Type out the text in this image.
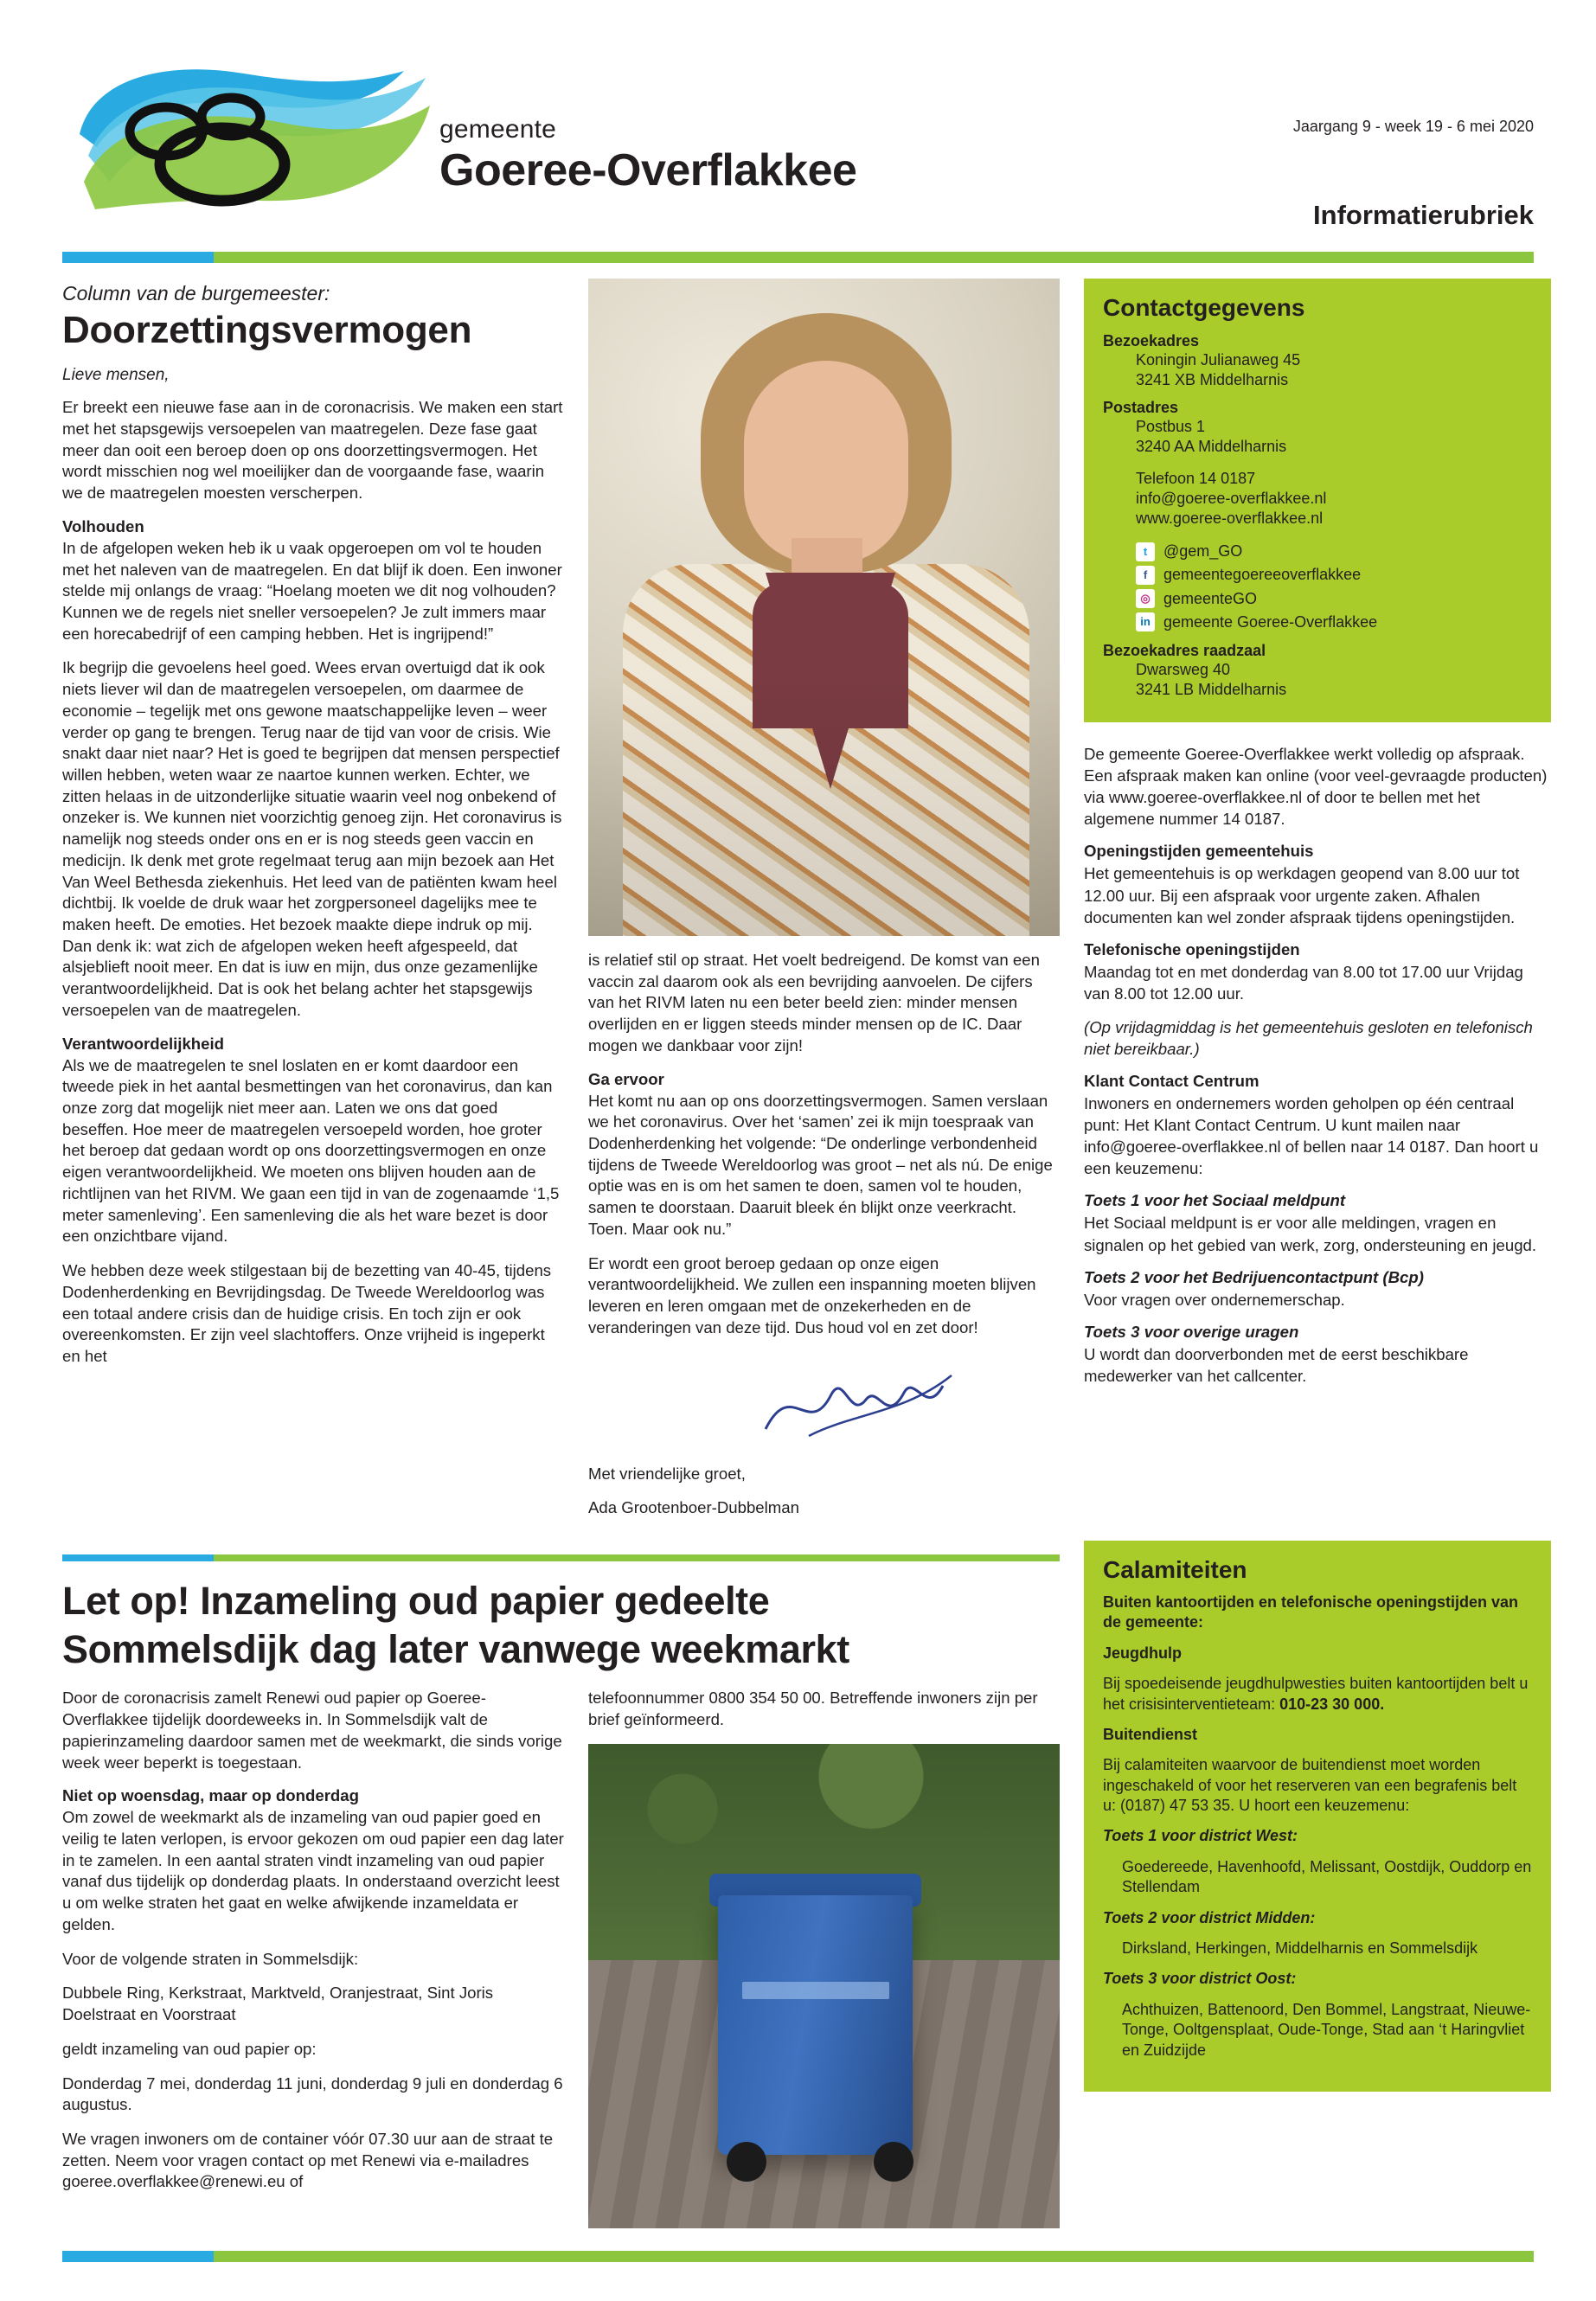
gemeente
Goeree-Overflakkee
Jaargang 9 - week 19 - 6 mei 2020
Informatierubriek
Column van de burgemeester:
Doorzettingsvermogen

Lieve mensen,

Er breekt een nieuwe fase aan in de coronacrisis. We maken een start met het stapsgewijs versoepelen van maatregelen. Deze fase gaat meer dan ooit een beroep doen op ons doorzettingsvermogen. Het wordt misschien nog wel moeilijker dan de voorgaande fase, waarin we de maatregelen moesten verscherpen.

Volhouden

In de afgelopen weken heb ik u vaak opgeroepen om vol te houden met het naleven van de maatregelen. En dat blijf ik doen. Een inwoner stelde mij onlangs de vraag: “Hoelang moeten we dit nog volhouden? Kunnen we de regels niet sneller versoepelen? Je zult immers maar een horecabedrijf of een camping hebben. Het is ingrijpend!”

Ik begrijp die gevoelens heel goed. Wees ervan overtuigd dat ik ook niets liever wil dan de maatregelen versoepelen, om daarmee de economie – tegelijk met ons gewone maatschappelijke leven – weer verder op gang te brengen. Terug naar de tijd van voor de crisis. Wie snakt daar niet naar? Het is goed te begrijpen dat mensen perspectief willen hebben, weten waar ze naartoe kunnen werken. Echter, we zitten helaas in de uitzonderlijke situatie waarin veel nog onbekend of onzeker is. We kunnen niet voorzichtig genoeg zijn. Het coronavirus is namelijk nog steeds onder ons en er is nog steeds geen vaccin en medicijn. Ik denk met grote regelmaat terug aan mijn bezoek aan Het Van Weel Bethesda ziekenhuis. Het leed van de patiënten kwam heel dichtbij. Ik voelde de druk waar het zorgpersoneel dagelijks mee te maken heeft. De emoties. Het bezoek maakte diepe indruk op mij. Dan denk ik: wat zich de afgelopen weken heeft afgespeeld, dat alsjeblieft nooit meer. En dat is iuw en mijn, dus onze gezamenlijke verantwoordelijkheid. Dat is ook het belang achter het stapsgewijs versoepelen van de maatregelen.

Verantwoordelijkheid

Als we de maatregelen te snel loslaten en er komt daardoor een tweede piek in het aantal besmettingen van het coronavirus, dan kan onze zorg dat mogelijk niet meer aan. Laten we ons dat goed beseffen. Hoe meer de maatregelen versoepeld worden, hoe groter het beroep dat gedaan wordt op ons doorzettingsvermogen en onze eigen verantwoordelijkheid. We moeten ons blijven houden aan de richtlijnen van het RIVM. We gaan een tijd in van de zogenaamde ‘1,5 meter samenleving’. Een samenleving die als het ware bezet is door een onzichtbare vijand.

We hebben deze week stilgestaan bij de bezetting van 40-45, tijdens Dodenherdenking en Bevrijdingsdag. De Tweede Wereldoorlog was een totaal andere crisis dan de huidige crisis. En toch zijn er ook overeenkomsten. Er zijn veel slachtoffers. Onze vrijheid is ingeperkt en het

is relatief stil op straat. Het voelt bedreigend. De komst van een vaccin zal daarom ook als een bevrijding aanvoelen. De cijfers van het RIVM laten nu een beter beeld zien: minder mensen overlijden en er liggen steeds minder mensen op de IC. Daar mogen we dankbaar voor zijn!

Ga ervoor

Het komt nu aan op ons doorzettingsvermogen. Samen verslaan we het coronavirus. Over het ‘samen’ zei ik mijn toespraak van Dodenherdenking het volgende: “De onderlinge verbondenheid tijdens de Tweede Wereldoorlog was groot – net als nú. De enige optie was en is om het samen te doen, samen vol te houden, samen te doorstaan. Daaruit bleek én blijkt onze veerkracht. Toen. Maar ook nu.”

Er wordt een groot beroep gedaan op onze eigen verantwoordelijkheid. We zullen een inspanning moeten blijven leveren en leren omgaan met de onzekerheden en de veranderingen van deze tijd. Dus houd vol en zet door!

Met vriendelijke groet,

Ada Grootenboer-Dubbelman

Contactgegevens
Bezoekadres
Koningin Julianaweg 45
3241 XB Middelharnis
Postadres
Postbus 1
3240 AA Middelharnis
Telefoon 14 0187
info@goeree-overflakkee.nl
www.goeree-overflakkee.nl
t	@gem_GO
f	gemeentegoereeoverflakkee
◎ gemeenteGO
in gemeente Goeree-Overflakkee
Bezoekadres raadzaal
Dwarsweg 40
3241 LB Middelharnis

De gemeente Goeree-Overflakkee werkt volledig op afspraak. Een afspraak maken kan online (voor veel-gevraagde producten) via www.goeree-overflakkee.nl of door te bellen met het algemene nummer 14 0187.

Openingstijden gemeentehuis

Het gemeentehuis is op werkdagen geopend van 8.00 uur tot 12.00 uur. Bij een afspraak voor urgente zaken. Afhalen documenten kan wel zonder afspraak tijdens openingstijden.

Telefonische openingstijden

Maandag tot en met donderdag van 8.00 tot 17.00 uur Vrijdag van 8.00 tot 12.00 uur.

(Op vrijdagmiddag is het gemeentehuis gesloten en telefonisch niet bereikbaar.)

Klant Contact Centrum

Inwoners en ondernemers worden geholpen op één centraal punt: Het Klant Contact Centrum. U kunt mailen naar info@goeree-overflakkee.nl of bellen naar 14 0187. Dan hoort u een keuzemenu:

Toets 1 voor het Sociaal meldpunt

Het Sociaal meldpunt is er voor alle meldingen, vragen en signalen op het gebied van werk, zorg, ondersteuning en jeugd.

Toets 2 voor het Bedrijuencontactpunt (Bcp)

Voor vragen over ondernemerschap.

Toets 3 voor overige uragen

U wordt dan doorverbonden met de eerst beschikbare medewerker van het callcenter.

Let op! Inzameling oud papier gedeelte
Sommelsdijk dag later vanwege weekmarkt

Door de coronacrisis zamelt Renewi oud papier op Goeree-Overflakkee tijdelijk doordeweeks in. In Sommelsdijk valt de papierinzameling daardoor samen met de weekmarkt, die sinds vorige week weer beperkt is toegestaan.

Niet op woensdag, maar op donderdag

Om zowel de weekmarkt als de inzameling van oud papier goed en veilig te laten verlopen, is ervoor gekozen om oud papier een dag later in te zamelen. In een aantal straten vindt inzameling van oud papier vanaf dus tijdelijk op donderdag plaats. In onderstaand overzicht leest u om welke straten het gaat en welke afwijkende inzameldata er gelden.

Voor de volgende straten in Sommelsdijk:

Dubbele Ring, Kerkstraat, Marktveld, Oranjestraat, Sint Joris Doelstraat en Voorstraat

geldt inzameling van oud papier op:

Donderdag 7 mei, donderdag 11 juni, donderdag 9 juli en donderdag 6 augustus.

We vragen inwoners om de container vóór 07.30 uur aan de straat te zetten. Neem voor vragen contact op met Renewi via e-mailadres goeree.overflakkee@renewi.eu of

telefoonnummer 0800 354 50 00. Betreffende inwoners zijn per brief geïnformeerd.

Calamiteiten

Buiten kantoortijden en telefonische openingstijden van de gemeente:

Jeugdhulp

Bij spoedeisende jeugdhulpwesties buiten kantoortijden belt u het crisisinterventieteam: 010-23 30 000.

Buitendienst

Bij calamiteiten waarvoor de buitendienst moet worden ingeschakeld of voor het reserveren van een begrafenis belt u: (0187) 47 53 35. U hoort een keuzemenu:

Toets 1 voor district West:

Goedereede, Havenhoofd, Melissant, Oostdijk, Ouddorp en Stellendam

Toets 2 voor district Midden:

Dirksland, Herkingen, Middelharnis en Sommelsdijk

Toets 3 voor district Oost:

Achthuizen, Battenoord, Den Bommel, Langstraat, Nieuwe-Tonge, Ooltgensplaat, Oude-Tonge, Stad aan ‘t Haringvliet en Zuidzijde
